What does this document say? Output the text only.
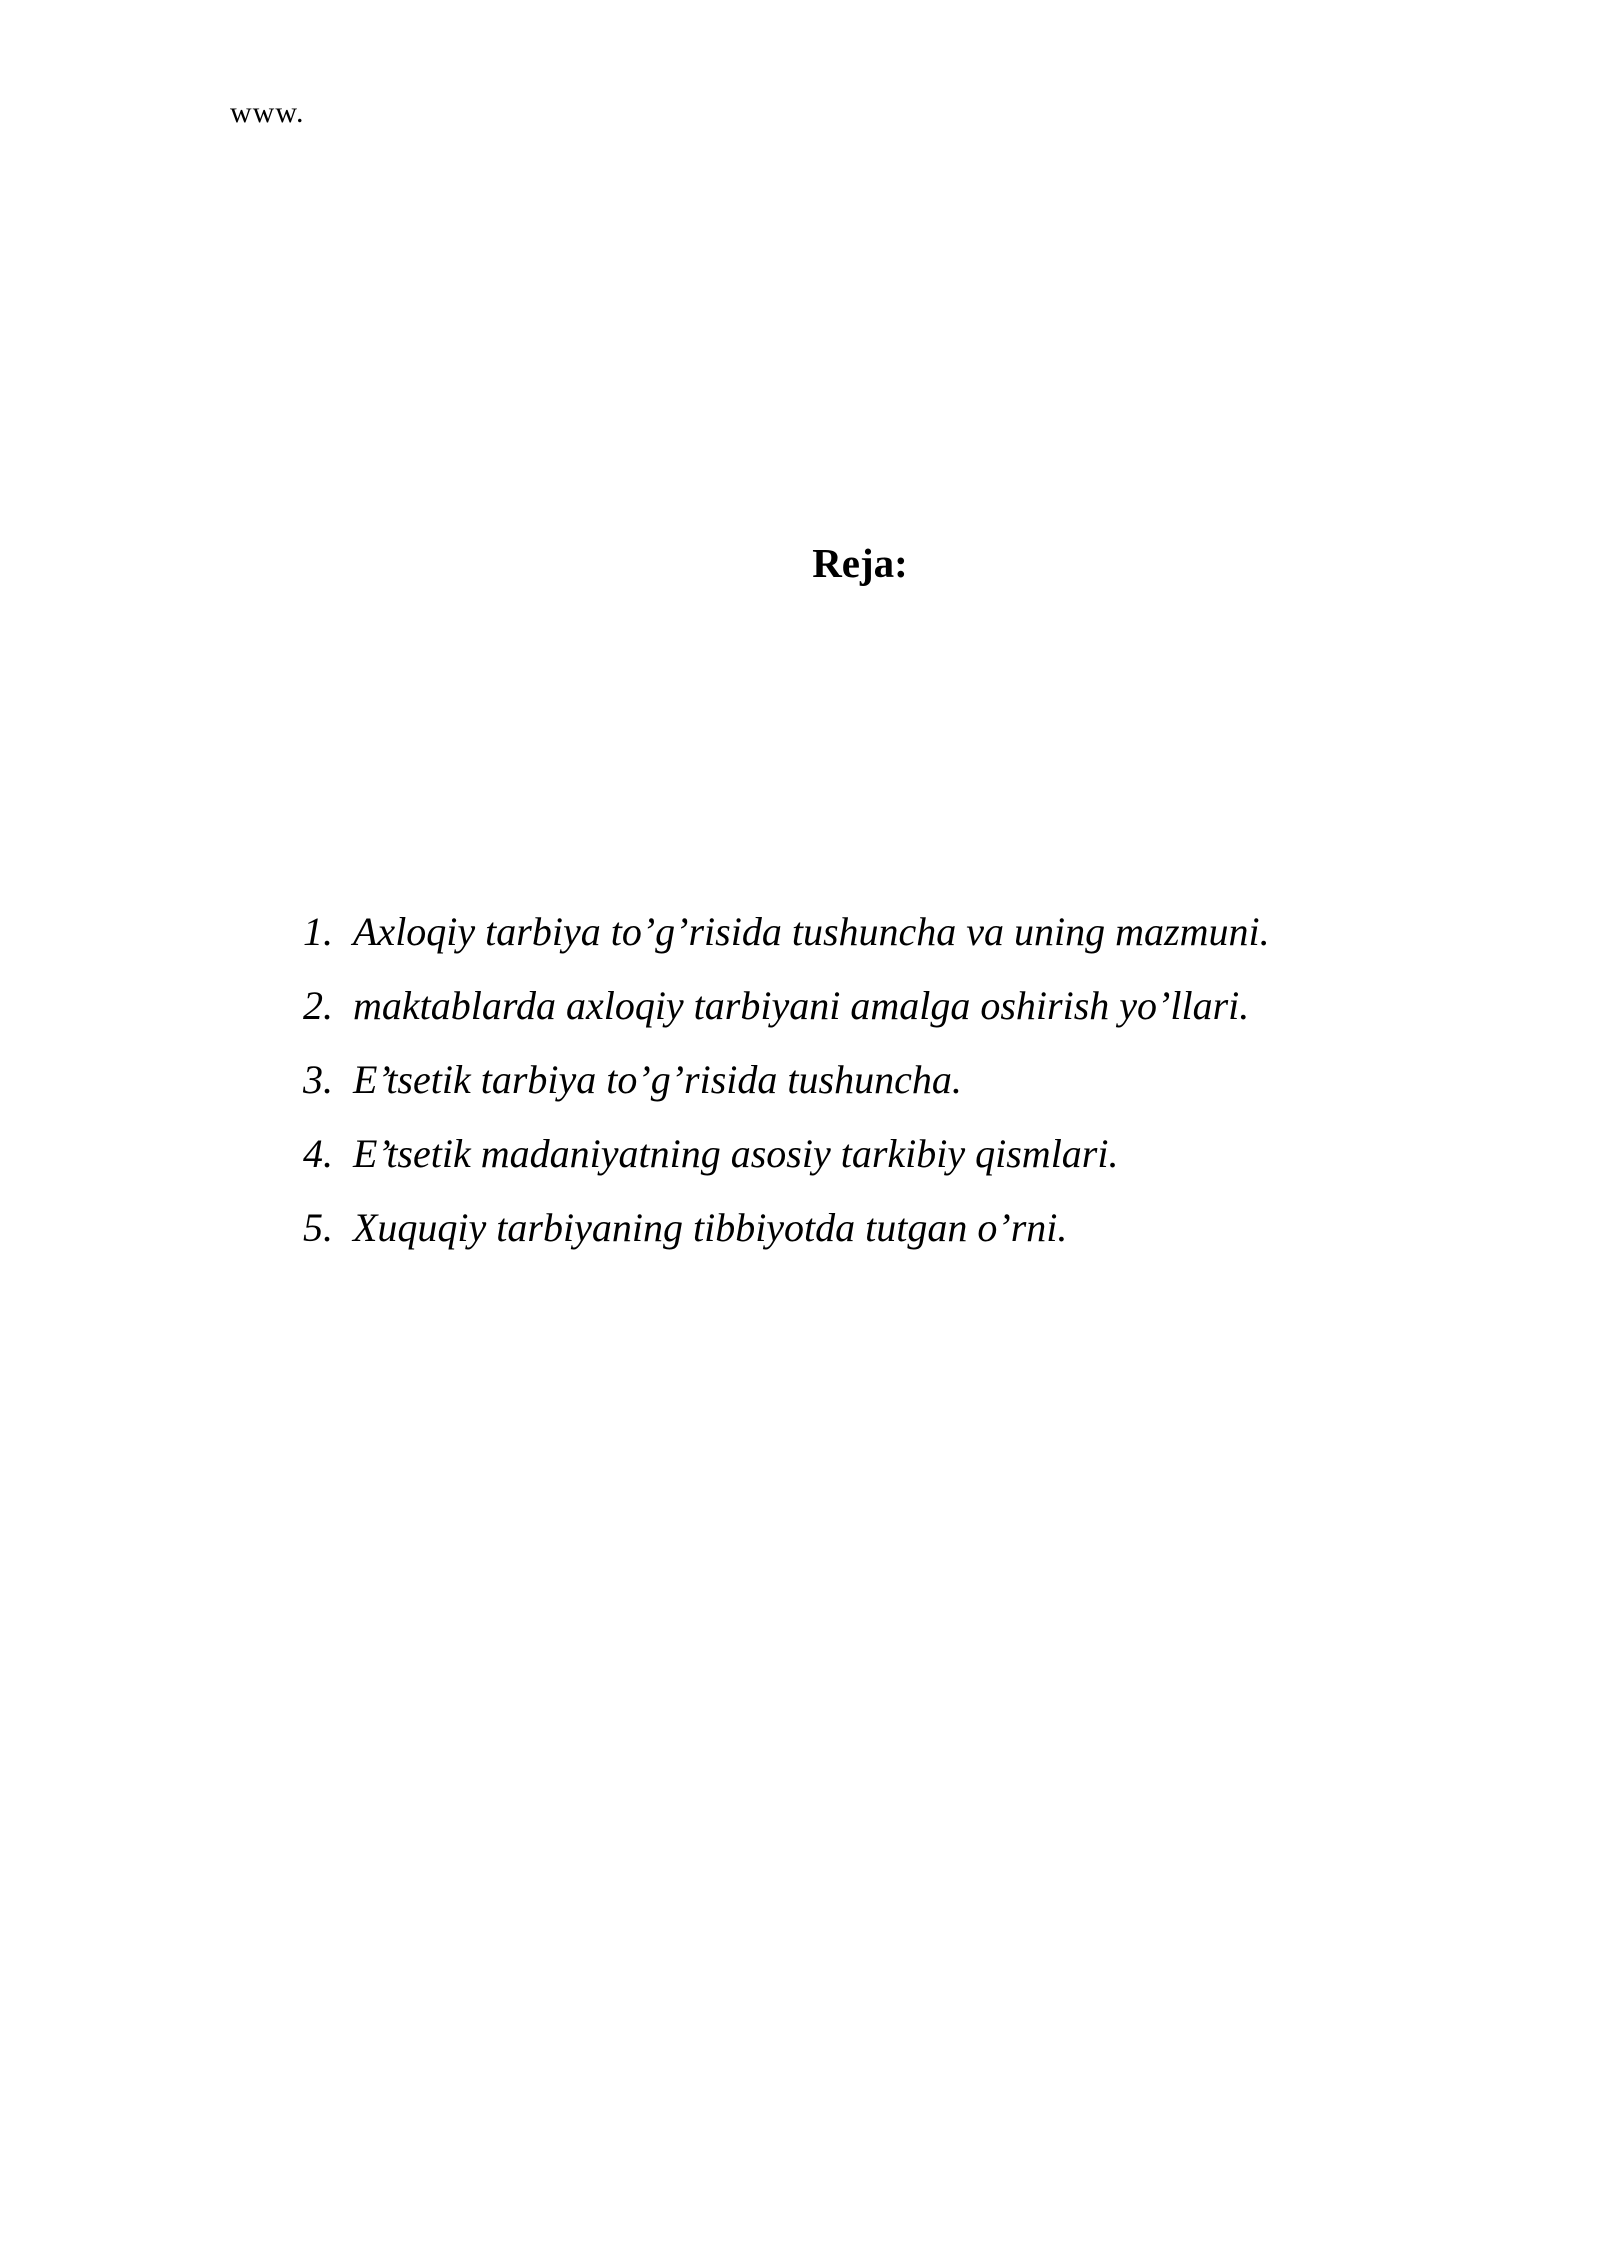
www.
Reja:
1. Axloqiy tarbiya to’g’risida tushuncha va uning mazmuni.
2. maktablarda axloqiy tarbiyani amalga oshirish yo’llari.
3. E’tsetik tarbiya to’g’risida tushuncha.
4. E’tsetik madaniyatning asosiy tarkibiy qismlari.
5. Xuquqiy tarbiyaning tibbiyotda tutgan o’rni.
